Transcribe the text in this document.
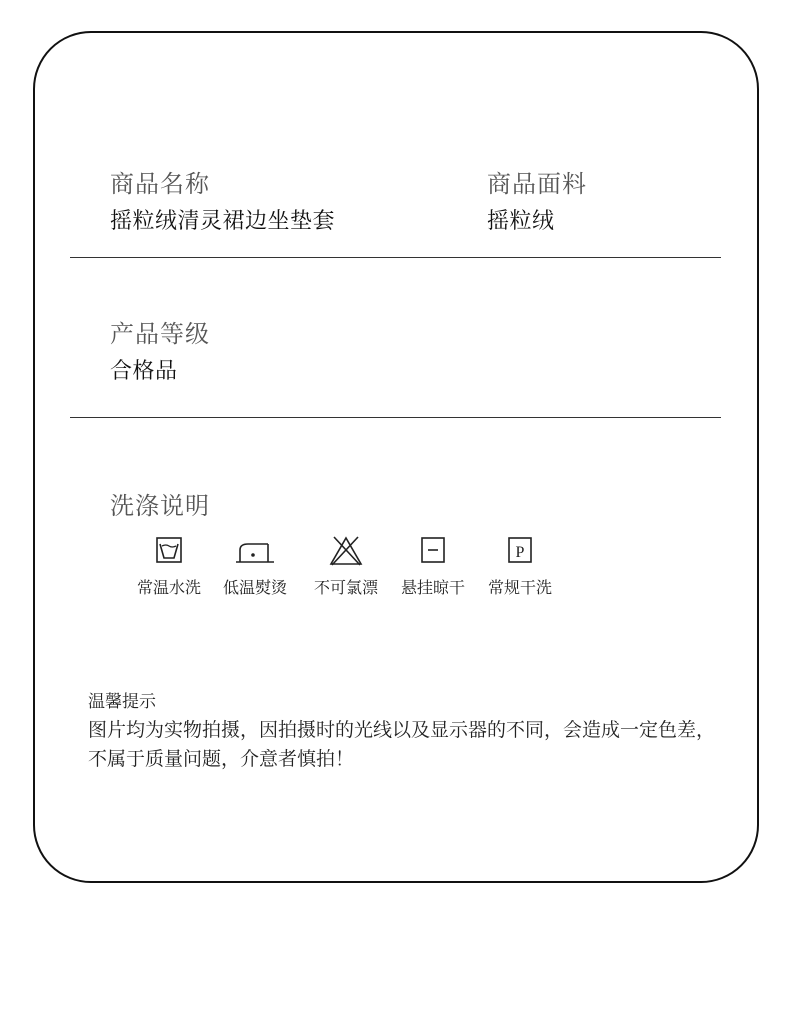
商品名称
摇粒绒清灵裙边坐垫套
商品面料
摇粒绒
产品等级
合格品
洗涤说明
常温水洗	低温熨烫	不可氯漂	悬挂晾干
P
常规干洗
温馨提示
图片均为实物拍摄，因拍摄时的光线以及显示器的不同，会造成一定色差，不属于质量问题，介意者慎拍！
